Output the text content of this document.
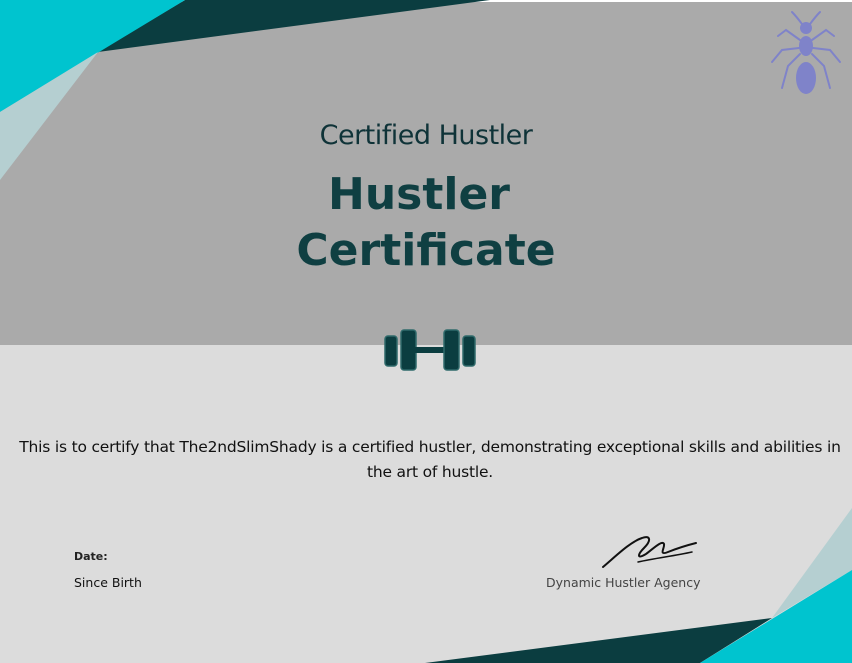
Certified Hustler
Hustler
Certificate
This is to certify that The2ndSlimShady is a certified hustler, demonstrating exceptional skills and abilities in the art of hustle.
Date:
Since Birth	Dynamic Hustler Agency
